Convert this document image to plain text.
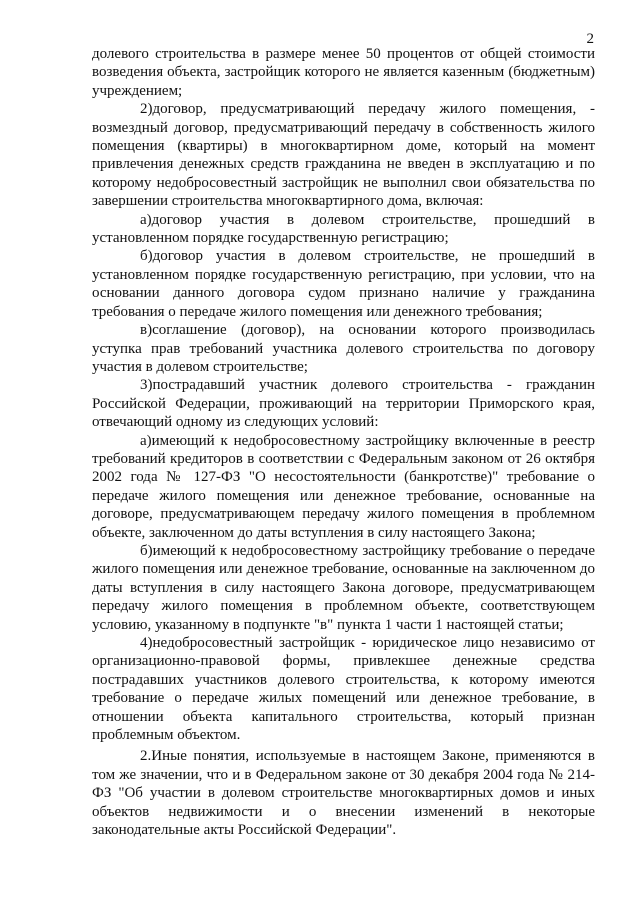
2

долевого строительства в размере менее 50 процентов от общей стоимости возведения объекта, застройщик которого не является казенным (бюджетным) учреждением;

2)договор, предусматривающий передачу жилого помещения, - возмездный договор, предусматривающий передачу в собственность жилого помещения (квартиры) в многоквартирном доме, который на момент привлечения денежных средств гражданина не введен в эксплуатацию и по которому недобросовестный застройщик не выполнил свои обязательства по завершении строительства многоквартирного дома, включая:

а)договор участия в долевом строительстве, прошедший в установленном порядке государственную регистрацию;

б)договор участия в долевом строительстве, не прошедший в установленном порядке государственную регистрацию, при условии, что на основании данного договора судом признано наличие у гражданина требования о передаче жилого помещения или денежного требования;

в)соглашение (договор), на основании которого производилась уступка прав требований участника долевого строительства по договору участия в долевом строительстве;

3)пострадавший участник долевого строительства - гражданин Российской Федерации, проживающий на территории Приморского края, отвечающий одному из следующих условий:

а)имеющий к недобросовестному застройщику включенные в реестр требований кредиторов в соответствии с Федеральным законом от 26 октября 2002 года № 127-ФЗ "О несостоятельности (банкротстве)" требование о передаче жилого помещения или денежное требование, основанные на договоре, предусматривающем передачу жилого помещения в проблемном объекте, заключенном до даты вступления в силу настоящего Закона;

б)имеющий к недобросовестному застройщику требование о передаче жилого помещения или денежное требование, основанные на заключенном до даты вступления в силу настоящего Закона договоре, предусматривающем передачу жилого помещения в проблемном объекте, соответствующем условию, указанному в подпункте "в" пункта 1 части 1 настоящей статьи;

4)недобросовестный застройщик - юридическое лицо независимо от организационно-правовой формы, привлекшее денежные средства пострадавших участников долевого строительства, к которому имеются требование о передаче жилых помещений или денежное требование, в отношении объекта капитального строительства, который признан проблемным объектом.

2.Иные понятия, используемые в настоящем Законе, применяются в том же значении, что и в Федеральном законе от 30 декабря 2004 года № 214-ФЗ "Об участии в долевом строительстве многоквартирных домов и иных объектов недвижимости и о внесении изменений в некоторые законодательные акты Российской Федерации".
